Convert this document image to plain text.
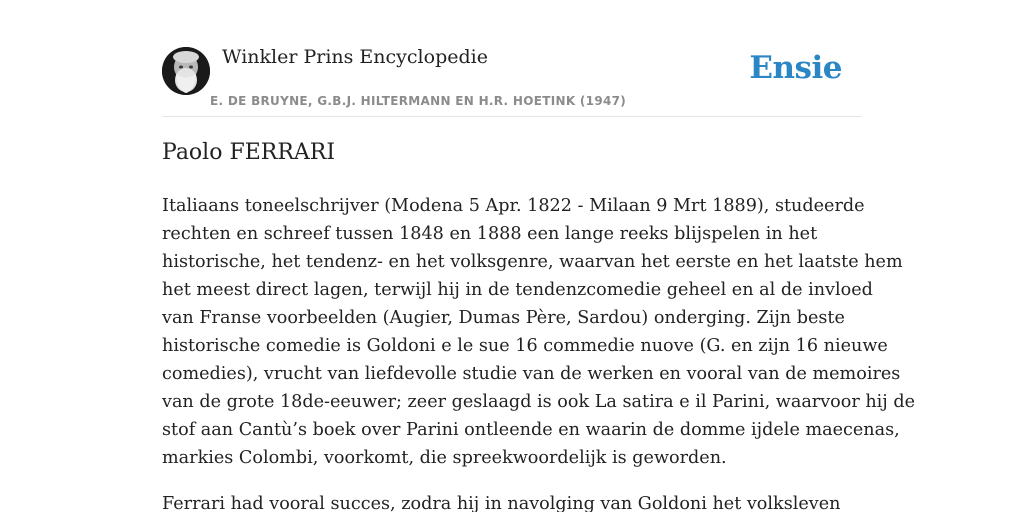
Winkler Prins Encyclopedie
E. DE BRUYNE, G.B.J. HILTERMANN EN H.R. HOETINK (1947)
Ensie
Paolo FERRARI

Italiaans toneelschrijver (Modena 5 Apr. 1822 - Milaan 9 Mrt 1889), studeerde
rechten en schreef tussen 1848 en 1888 een lange reeks blijspelen in het
historische, het tendenz- en het volksgenre, waarvan het eerste en het laatste hem
het meest direct lagen, terwijl hij in de tendenzcomedie geheel en al de invloed
van Franse voorbeelden (Augier, Dumas Père, Sardou) onderging. Zijn beste
historische comedie is Goldoni e le sue 16 commedie nuove (G. en zijn 16 nieuwe
comedies), vrucht van liefdevolle studie van de werken en vooral van de memoires
van de grote 18de-eeuwer; zeer geslaagd is ook La satira e il Parini, waarvoor hij de
stof aan Cantù’s boek over Parini ontleende en waarin de domme ijdele maecenas,
markies Colombi, voorkomt, die spreekwoordelijk is geworden.

Ferrari had vooral succes, zodra hij in navolging van Goldoni het volksleven
